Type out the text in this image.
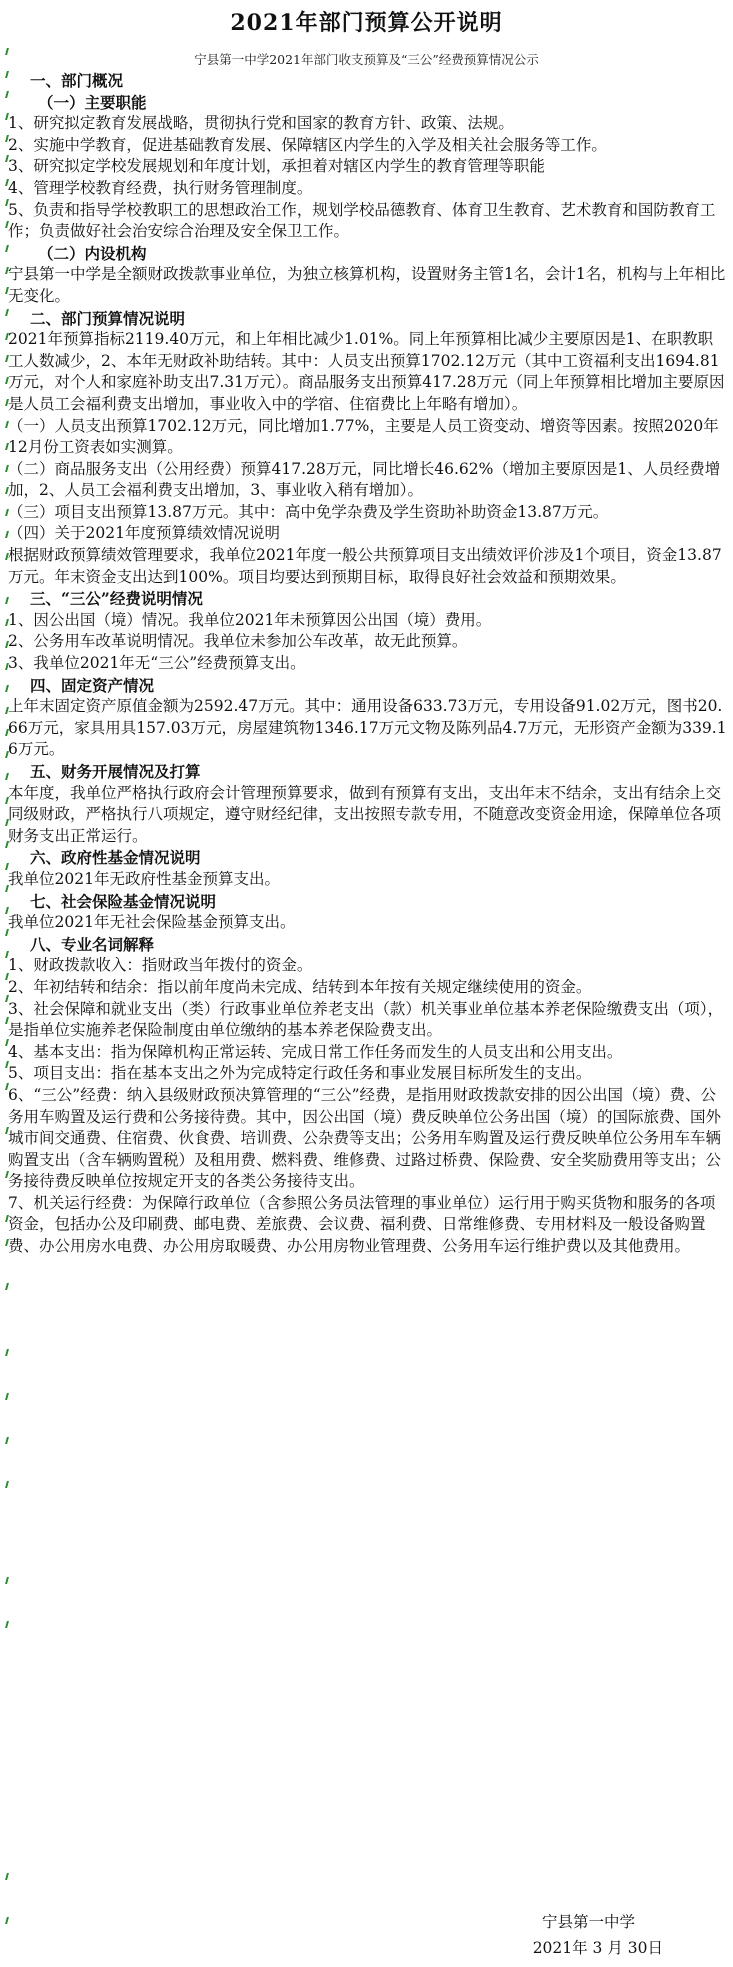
2021年部门预算公开说明
宁县第一中学2021年部门收支预算及“三公”经费预算情况公示

一、部门概况

（一）主要职能

1、研究拟定教育发展战略，贯彻执行党和国家的教育方针、政策、法规。

2、实施中学教育，促进基础教育发展、保障辖区内学生的入学及相关社会服务等工作。

3、研究拟定学校发展规划和年度计划，承担着对辖区内学生的教育管理等职能

4、管理学校教育经费，执行财务管理制度。

5、负责和指导学校教职工的思想政治工作，规划学校品德教育、体育卫生教育、艺术教育和国防教育工作；负责做好社会治安综合治理及安全保卫工作。

（二）内设机构

宁县第一中学是全额财政拨款事业单位，为独立核算机构，设置财务主管1名，会计1名，机构与上年相比无变化。

二、部门预算情况说明

2021年预算指标2119.40万元，和上年相比减少1.01%。同上年预算相比减少主要原因是1、在职教职工人数减少，2、本年无财政补助结转。其中：人员支出预算1702.12万元（其中工资福利支出1694.81万元，对个人和家庭补助支出7.31万元）。商品服务支出预算417.28万元（同上年预算相比增加主要原因是人员工会福利费支出增加，事业收入中的学宿、住宿费比上年略有增加）。

（一）人员支出预算1702.12万元，同比增加1.77%，主要是人员工资变动、增资等因素。按照2020年12月份工资表如实测算。

（二）商品服务支出（公用经费）预算417.28万元，同比增长46.62%（增加主要原因是1、人员经费增加，2、人员工会福利费支出增加，3、事业收入稍有增加）。

（三）项目支出预算13.87万元。其中：高中免学杂费及学生资助补助资金13.87万元。

（四）关于2021年度预算绩效情况说明

根据财政预算绩效管理要求，我单位2021年度一般公共预算项目支出绩效评价涉及1个项目，资金13.87万元。年末资金支出达到100%。项目均要达到预期目标，取得良好社会效益和预期效果。

三、“三公”经费说明情况

1、因公出国（境）情况。我单位2021年未预算因公出国（境）费用。

2、公务用车改革说明情况。我单位未参加公车改革，故无此预算。

3、我单位2021年无“三公”经费预算支出。

四、固定资产情况

上年末固定资产原值金额为2592.47万元。其中：通用设备633.73万元，专用设备91.02万元，图书20.66万元，家具用具157.03万元，房屋建筑物1346.17万元文物及陈列品4.7万元，无形资产金额为339.16万元。

五、财务开展情况及打算

本年度，我单位严格执行政府会计管理预算要求，做到有预算有支出，支出年末不结余，支出有结余上交同级财政，严格执行八项规定，遵守财经纪律，支出按照专款专用，不随意改变资金用途，保障单位各项财务支出正常运行。

六、政府性基金情况说明

我单位2021年无政府性基金预算支出。

七、社会保险基金情况说明

我单位2021年无社会保险基金预算支出。

八、专业名词解释

1、财政拨款收入：指财政当年拨付的资金。

2、年初结转和结余：指以前年度尚未完成、结转到本年按有关规定继续使用的资金。

3、社会保障和就业支出（类）行政事业单位养老支出（款）机关事业单位基本养老保险缴费支出（项），是指单位实施养老保险制度由单位缴纳的基本养老保险费支出。

4、基本支出：指为保障机构正常运转、完成日常工作任务而发生的人员支出和公用支出。

5、项目支出：指在基本支出之外为完成特定行政任务和事业发展目标所发生的支出。

6、“三公”经费：纳入县级财政预决算管理的“三公”经费，是指用财政拨款安排的因公出国（境）费、公务用车购置及运行费和公务接待费。其中，因公出国（境）费反映单位公务出国（境）的国际旅费、国外城市间交通费、住宿费、伙食费、培训费、公杂费等支出；公务用车购置及运行费反映单位公务用车车辆购置支出（含车辆购置税）及租用费、燃料费、维修费、过路过桥费、保险费、安全奖励费用等支出；公务接待费反映单位按规定开支的各类公务接待支出。

7、机关运行经费：为保障行政单位（含参照公务员法管理的事业单位）运行用于购买货物和服务的各项资金，包括办公及印刷费、邮电费、差旅费、会议费、福利费、日常维修费、专用材料及一般设备购置费、办公用房水电费、办公用房取暖费、办公用房物业管理费、公务用车运行维护费以及其他费用。

宁县第一中学
2021年 3 月 30日
